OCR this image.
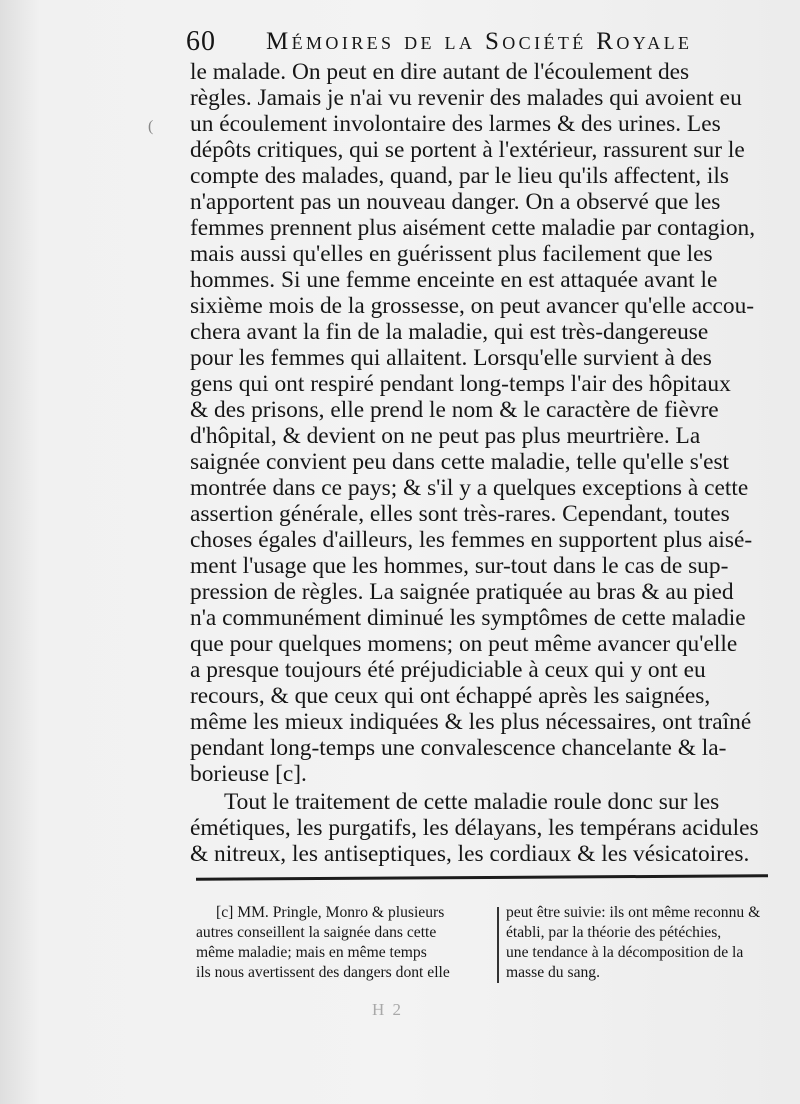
60 Mémoires de la Société Royale
(
le malade. On peut en dire autant de l'écoulement des
règles. Jamais je n'ai vu revenir des malades qui avoient eu
un écoulement involontaire des larmes & des urines. Les
dépôts critiques, qui se portent à l'extérieur, rassurent sur le
compte des malades, quand, par le lieu qu'ils affectent, ils
n'apportent pas un nouveau danger. On a observé que les
femmes prennent plus aisément cette maladie par contagion,
mais aussi qu'elles en guérissent plus facilement que les
hommes. Si une femme enceinte en est attaquée avant le
sixième mois de la grossesse, on peut avancer qu'elle accou-
chera avant la fin de la maladie, qui est très-dangereuse
pour les femmes qui allaitent. Lorsqu'elle survient à des
gens qui ont respiré pendant long-temps l'air des hôpitaux
& des prisons, elle prend le nom & le caractère de fièvre
d'hôpital, & devient on ne peut pas plus meurtrière. La
saignée convient peu dans cette maladie, telle qu'elle s'est
montrée dans ce pays; & s'il y a quelques exceptions à cette
assertion générale, elles sont très-rares. Cependant, toutes
choses égales d'ailleurs, les femmes en supportent plus aisé-
ment l'usage que les hommes, sur-tout dans le cas de sup-
pression de règles. La saignée pratiquée au bras & au pied
n'a communément diminué les symptômes de cette maladie
que pour quelques momens; on peut même avancer qu'elle
a presque toujours été préjudiciable à ceux qui y ont eu
recours, & que ceux qui ont échappé après les saignées,
même les mieux indiquées & les plus nécessaires, ont traîné
pendant long-temps une convalescence chancelante & la-
borieuse [c].
Tout le traitement de cette maladie roule donc sur les
émétiques, les purgatifs, les délayans, les tempérans acidules
& nitreux, les antiseptiques, les cordiaux & les vésicatoires.
[c] MM. Pringle, Monro & plusieurs
autres conseillent la saignée dans cette
même maladie; mais en même temps
ils nous avertissent des dangers dont elle
peut être suivie: ils ont même reconnu &
établi, par la théorie des pétéchies,
une tendance à la décomposition de la
masse du sang.
H 2
